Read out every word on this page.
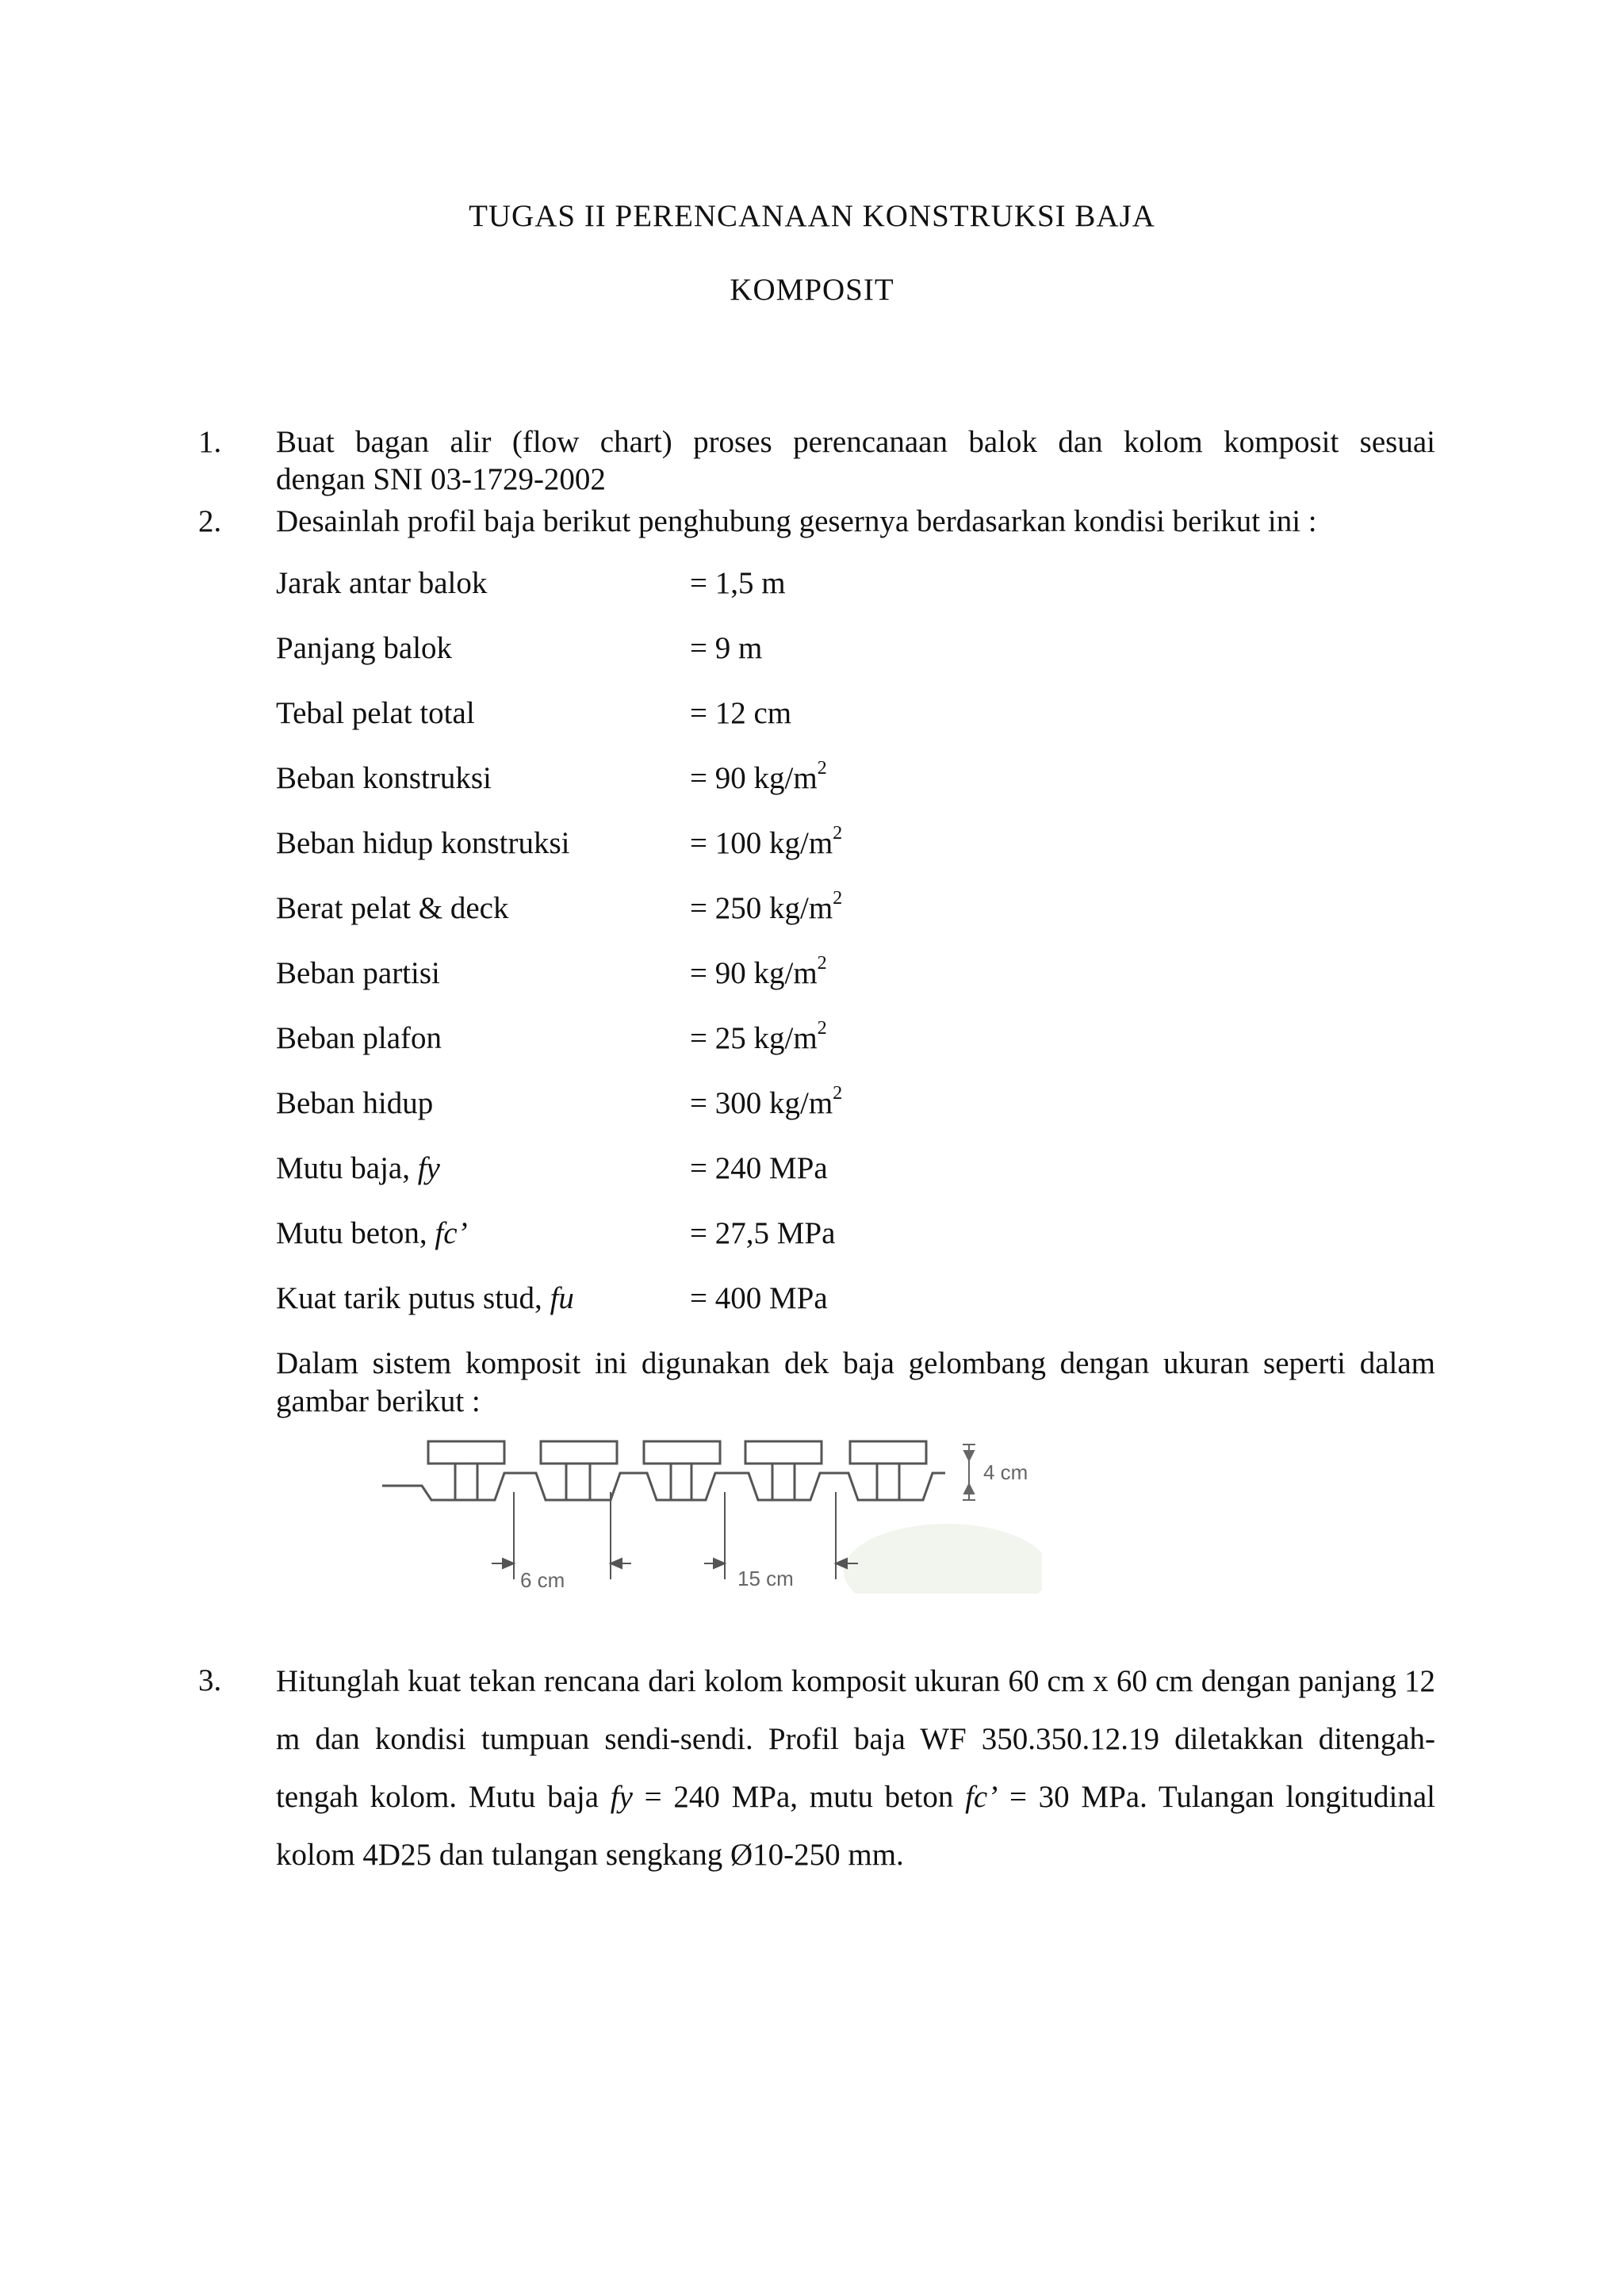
TUGAS II PERENCANAAN KONSTRUKSI BAJA
KOMPOSIT
1. Buat bagan alir (flow chart) proses perencanaan balok dan kolom komposit sesuai
dengan SNI 03-1729-2002
2. Desainlah profil baja berikut penghubung gesernya berdasarkan kondisi berikut ini :
Jarak antar balok	= 1,5 m
Panjang balok	= 9 m
Tebal pelat total	= 12 cm
Beban konstruksi	= 90 $kg/m^2$
Beban hidup konstruksi	= 100 $kg/m^2$
Berat pelat & deck	= 250 $kg/m^2$
Beban partisi	= 90 $kg/m^2$
Beban plafon	= 25 $kg/m^2$
Beban hidup	= 300 $kg/m^2$
Mutu baja, fy	= 240 MPa
Mutu beton, fc’	= 27,5 MPa
Kuat tarik putus stud, fu	= 400 MPa
Dalam sistem komposit ini digunakan dek baja gelombang dengan ukuran seperti dalam
gambar berikut :
4 cm
6 cm	15 cm
3. Hitunglah kuat tekan rencana dari kolom komposit ukuran 60 cm x 60 cm dengan panjang 12 m dan kondisi tumpuan sendi-sendi. Profil baja WF 350.350.12.19 diletakkan ditengah-tengah kolom. Mutu baja fy = 240 MPa, mutu beton fc’ = 30 MPa. Tulangan longitudinal kolom 4D25 dan tulangan sengkang Ø10-250 mm.
